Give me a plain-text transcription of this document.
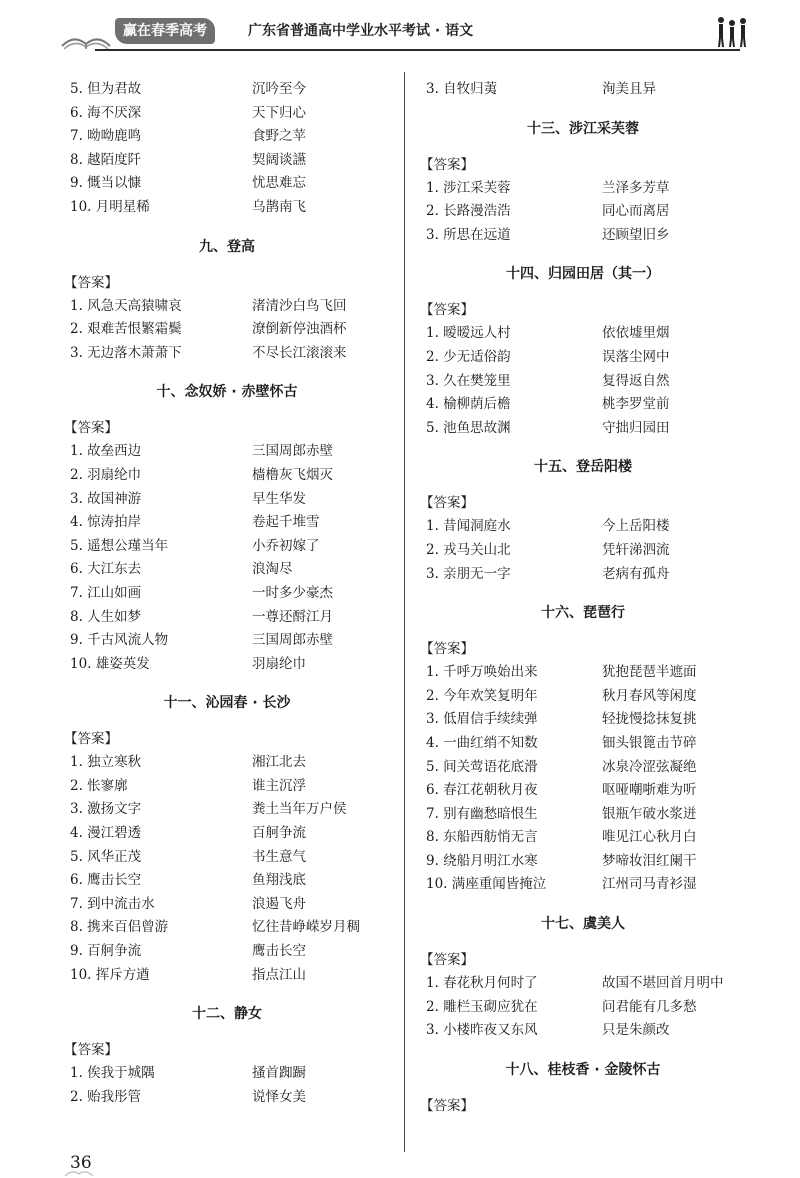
赢在春季高考	广东省普通高中学业水平考试 · 语文
5. 但为君故	沉吟至今
6. 海不厌深	天下归心
7. 呦呦鹿鸣	食野之苹
8. 越陌度阡	契阔谈讌
9. 慨当以慷	忧思难忘
10. 月明星稀	乌鹊南飞
九、登高
【答案】
1. 风急天高猿啸哀	渚清沙白鸟飞回
2. 艰难苦恨繁霜鬓	潦倒新停浊酒杯
3. 无边落木萧萧下	不尽长江滚滚来
十、念奴娇 · 赤壁怀古
【答案】
1. 故垒西边	三国周郎赤壁
2. 羽扇纶巾	樯橹灰飞烟灭
3. 故国神游	早生华发
4. 惊涛拍岸	卷起千堆雪
5. 遥想公瑾当年	小乔初嫁了
6. 大江东去	浪淘尽
7. 江山如画	一时多少豪杰
8. 人生如梦	一尊还酹江月
9. 千古风流人物	三国周郎赤壁
10. 雄姿英发	羽扇纶巾
十一、沁园春 · 长沙
【答案】
1. 独立寒秋	湘江北去
2. 怅寥廓	谁主沉浮
3. 激扬文字	粪土当年万户侯
4. 漫江碧透	百舸争流
5. 风华正茂	书生意气
6. 鹰击长空	鱼翔浅底
7. 到中流击水	浪遏飞舟
8. 携来百侣曾游	忆往昔峥嵘岁月稠
9. 百舸争流	鹰击长空
10. 挥斥方遒	指点江山
十二、静女
【答案】
1. 俟我于城隅	搔首踟蹰
2. 贻我彤管	说怿女美
3. 自牧归荑	洵美且异
十三、涉江采芙蓉
【答案】
1. 涉江采芙蓉	兰泽多芳草
2. 长路漫浩浩	同心而离居
3. 所思在远道	还顾望旧乡
十四、归园田居（其一）
【答案】
1. 暧暧远人村	依依墟里烟
2. 少无适俗韵	误落尘网中
3. 久在樊笼里	复得返自然
4. 榆柳荫后檐	桃李罗堂前
5. 池鱼思故渊	守拙归园田
十五、登岳阳楼
【答案】
1. 昔闻洞庭水	今上岳阳楼
2. 戎马关山北	凭轩涕泗流
3. 亲朋无一字	老病有孤舟
十六、琵琶行
【答案】
1. 千呼万唤始出来	犹抱琵琶半遮面
2. 今年欢笑复明年	秋月春风等闲度
3. 低眉信手续续弹	轻拢慢捻抹复挑
4. 一曲红绡不知数	钿头银篦击节碎
5. 间关莺语花底滑	冰泉冷涩弦凝绝
6. 春江花朝秋月夜	呕哑嘲哳难为听
7. 别有幽愁暗恨生	银瓶乍破水浆迸
8. 东船西舫悄无言	唯见江心秋月白
9. 绕船月明江水寒	梦啼妆泪红阑干
10. 满座重闻皆掩泣	江州司马青衫湿
十七、虞美人
【答案】
1. 春花秋月何时了	故国不堪回首月明中
2. 雕栏玉砌应犹在	问君能有几多愁
3. 小楼昨夜又东风	只是朱颜改
十八、桂枝香 · 金陵怀古
【答案】
36
